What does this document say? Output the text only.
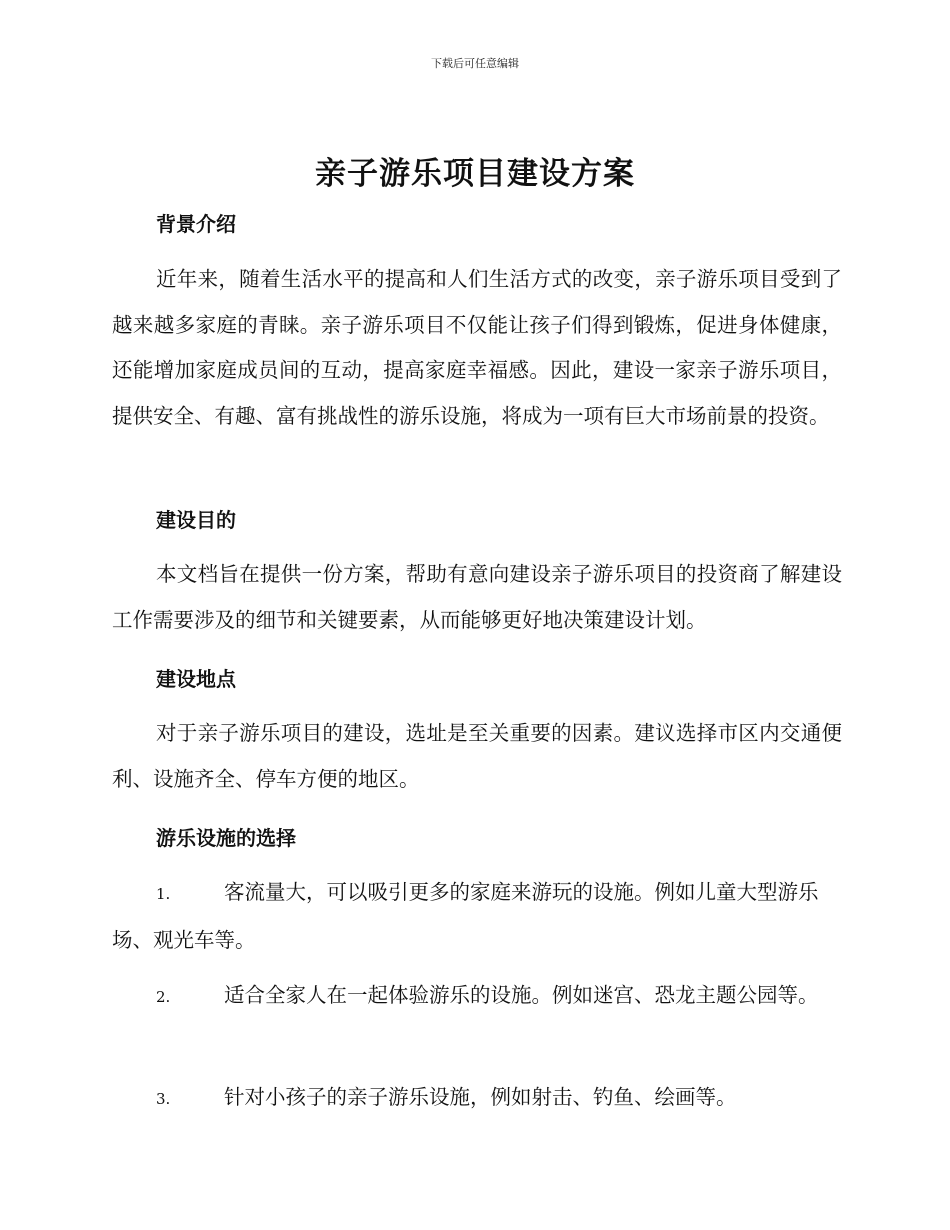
下载后可任意编辑
亲子游乐项目建设方案
背景介绍
近年来，随着生活水平的提高和人们生活方式的改变，亲子游乐项目受到了越来越多家庭的青睐。亲子游乐项目不仅能让孩子们得到锻炼，促进身体健康，还能增加家庭成员间的互动，提高家庭幸福感。因此，建设一家亲子游乐项目，提供安全、有趣、富有挑战性的游乐设施，将成为一项有巨大市场前景的投资。
建设目的
本文档旨在提供一份方案，帮助有意向建设亲子游乐项目的投资商了解建设工作需要涉及的细节和关键要素，从而能够更好地决策建设计划。
建设地点
对于亲子游乐项目的建设，选址是至关重要的因素。建议选择市区内交通便利、设施齐全、停车方便的地区。
游乐设施的选择
1.	客流量大，可以吸引更多的家庭来游玩的设施。例如儿童大型游乐场、观光车等。
2.	适合全家人在一起体验游乐的设施。例如迷宫、恐龙主题公园等。
3.	针对小孩子的亲子游乐设施，例如射击、钓鱼、绘画等。
